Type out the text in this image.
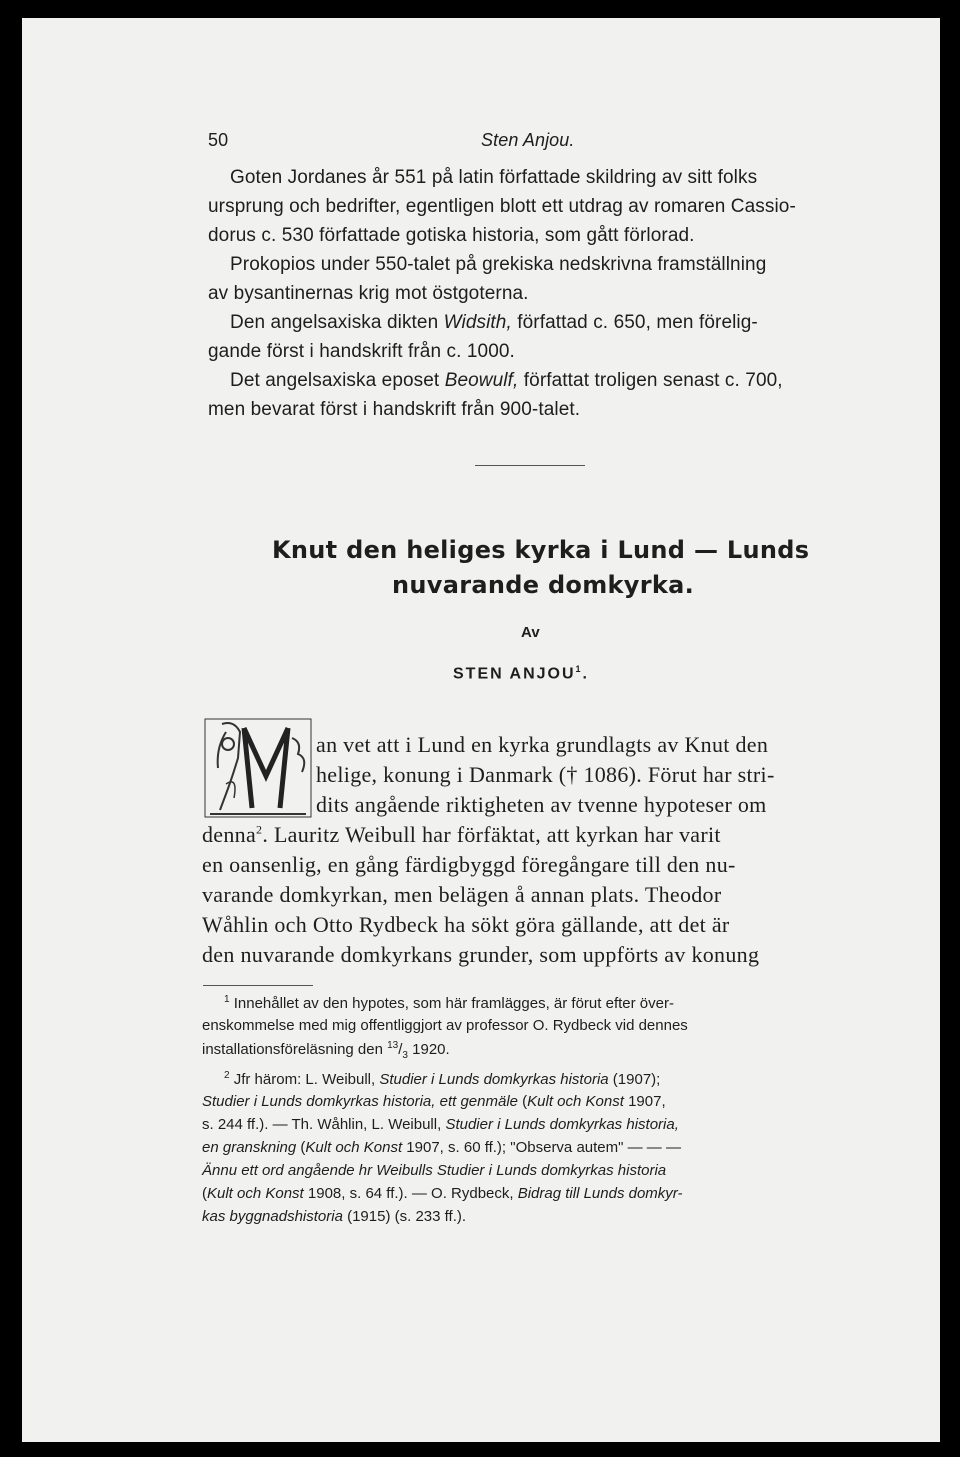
50	Sten Anjou.
Goten Jordanes år 551 på latin författade skildring av sitt folks
ursprung och bedrifter, egentligen blott ett utdrag av romaren Cassio-
dorus c. 530 författade gotiska historia, som gått förlorad.
Prokopios under 550-talet på grekiska nedskrivna framställning
av bysantinernas krig mot östgoterna.
Den angelsaxiska dikten Widsith, författad c. 650, men förelig-
gande först i handskrift från c. 1000.
Det angelsaxiska eposet Beowulf, författat troligen senast c. 700,
men bevarat först i handskrift från 900-talet.
Knut den heliges kyrka i Lund — Lunds
nuvarande domkyrka.
Av
STEN ANJOU$^1$.
M
an vet att i Lund en kyrka grundlagts av Knut den
helige, konung i Danmark († 1086). Förut har stri-
dits angående riktigheten av tvenne hypoteser om
denna$^2$. Lauritz Weibull har förfäktat, att kyrkan har varit
en oansenlig, en gång färdigbyggd föregångare till den nu-
varande domkyrkan, men belägen å annan plats. Theodor
Wåhlin och Otto Rydbeck ha sökt göra gällande, att det är
den nuvarande domkyrkans grunder, som uppförts av konung
$^1$ Innehållet av den hypotes, som här framlägges, är förut efter över-
enskommelse med mig offentliggjort av professor O. Rydbeck vid dennes
installationsföreläsning den $^{13}/_3$ 1920.
$^2$ Jfr härom: L. Weibull, Studier i Lunds domkyrkas historia (1907);
Studier i Lunds domkyrkas historia, ett genmäle (Kult och Konst 1907,
s. 244 ff.). — Th. Wåhlin, L. Weibull, Studier i Lunds domkyrkas historia,
en granskning (Kult och Konst 1907, s. 60 ff.); "Observa autem" — — —
Ännu ett ord angående hr Weibulls Studier i Lunds domkyrkas historia
(Kult och Konst 1908, s. 64 ff.). — O. Rydbeck, Bidrag till Lunds domkyr-
kas byggnadshistoria (1915) (s. 233 ff.).
